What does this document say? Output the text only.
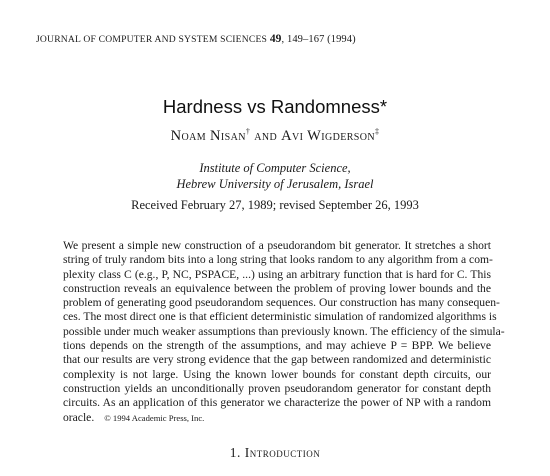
JOURNAL OF COMPUTER AND SYSTEM SCIENCES 49, 149–167 (1994)
Hardness vs Randomness*
Noam Nisan† and Avi Wigderson‡
Institute of Computer Science,
Hebrew University of Jerusalem, Israel
Received February 27, 1989; revised September 26, 1993
We present a simple new construction of a pseudorandom bit generator. It stretches a short
string of truly random bits into a long string that looks random to any algorithm from a com-
plexity class C (e.g., P, NC, PSPACE, ...) using an arbitrary function that is hard for C. This
construction reveals an equivalence between the problem of proving lower bounds and the
problem of generating good pseudorandom sequences. Our construction has many consequen-
ces. The most direct one is that efficient deterministic simulation of randomized algorithms is
possible under much weaker assumptions than previously known. The efficiency of the simula-
tions depends on the strength of the assumptions, and may achieve P = BPP. We believe
that our results are very strong evidence that the gap between randomized and deterministic
complexity is not large. Using the known lower bounds for constant depth circuits, our
construction yields an unconditionally proven pseudorandom generator for constant depth
circuits. As an application of this generator we characterize the power of NP with a random
oracle. © 1994 Academic Press, Inc.
1. Introduction
